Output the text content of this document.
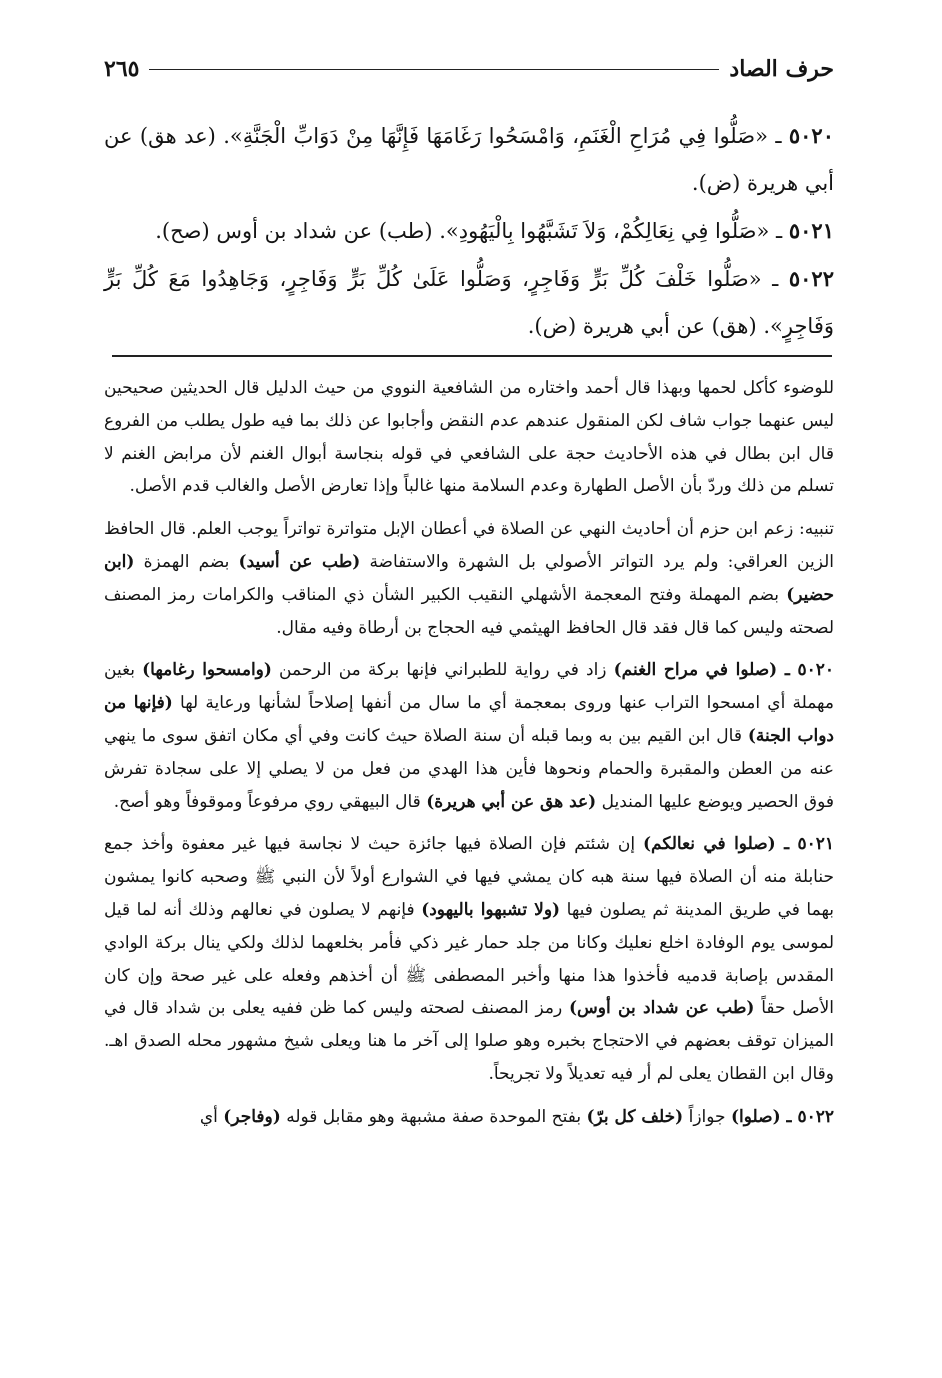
حرف الصاد
٢٦٥

٥٠٢٠ ـ «صَلُّوا فِي مُرَاحِ الْغَنَمِ، وَامْسَحُوا رَغَامَهَا فَإِنَّهَا مِنْ دَوَابِّ الْجَنَّةِ». (عد هق) عن أبي هريرة (ض).

٥٠٢١ ـ «صَلُّوا فِي نِعَالِكُمْ، وَلاَ تَشَبَّهُوا بِالْيَهُودِ». (طب) عن شداد بن أوس (صح).

٥٠٢٢ ـ «صَلُّوا خَلْفَ كُلِّ بَرٍّ وَفَاجِرٍ، وَصَلُّوا عَلَىٰ كُلِّ بَرٍّ وَفَاجِرٍ، وَجَاهِدُوا مَعَ كُلِّ بَرٍّ وَفَاجِرٍ». (هق) عن أبي هريرة (ض).

للوضوء كأكل لحمها وبهذا قال أحمد واختاره من الشافعية النووي من حيث الدليل قال الحديثين صحيحين ليس عنهما جواب شاف لكن المنقول عندهم عدم النقض وأجابوا عن ذلك بما فيه طول يطلب من الفروع قال ابن بطال في هذه الأحاديث حجة على الشافعي في قوله بنجاسة أبوال الغنم لأن مرابض الغنم لا تسلم من ذلك وردّ بأن الأصل الطهارة وعدم السلامة منها غالباً وإذا تعارض الأصل والغالب قدم الأصل.

تنبيه: زعم ابن حزم أن أحاديث النهي عن الصلاة في أعطان الإبل متواترة تواتراً يوجب العلم. قال الحافظ الزين العراقي: ولم يرد التواتر الأصولي بل الشهرة والاستفاضة (طب عن أسيد) بضم الهمزة (ابن حضير) بضم المهملة وفتح المعجمة الأشهلي النقيب الكبير الشأن ذي المناقب والكرامات رمز المصنف لصحته وليس كما قال فقد قال الحافظ الهيثمي فيه الحجاج بن أرطاة وفيه مقال.

٥٠٢٠ ـ (صلوا في مراح الغنم) زاد في رواية للطبراني فإنها بركة من الرحمن (وامسحوا رغامها) بغين مهملة أي امسحوا التراب عنها وروى بمعجمة أي ما سال من أنفها إصلاحاً لشأنها ورعاية لها (فإنها من دواب الجنة) قال ابن القيم بين به وبما قبله أن سنة الصلاة حيث كانت وفي أي مكان اتفق سوى ما ينهي عنه من العطن والمقبرة والحمام ونحوها فأين هذا الهدي من فعل من لا يصلي إلا على سجادة تفرش فوق الحصير ويوضع عليها المنديل (عد هق عن أبي هريرة) قال البيهقي روي مرفوعاً وموقوفاً وهو أصح.

٥٠٢١ ـ (صلوا في نعالكم) إن شئتم فإن الصلاة فيها جائزة حيث لا نجاسة فيها غير معفوة وأخذ جمع حنابلة منه أن الصلاة فيها سنة هبه كان يمشي فيها في الشوارع أولاً لأن النبي ﷺ وصحبه كانوا يمشون بهما في طريق المدينة ثم يصلون فيها (ولا تشبهوا باليهود) فإنهم لا يصلون في نعالهم وذلك أنه لما قيل لموسى يوم الوفادة اخلع نعليك وكانا من جلد حمار غير ذكي فأمر بخلعهما لذلك ولكي ينال بركة الوادي المقدس بإصابة قدميه فأخذوا هذا منها وأخبر المصطفى ﷺ أن أخذهم وفعله على غير صحة وإن كان الأصل حقاً (طب عن شداد بن أوس) رمز المصنف لصحته وليس كما ظن ففيه يعلى بن شداد قال في الميزان توقف بعضهم في الاحتجاج بخبره وهو صلوا إلى آخر ما هنا ويعلى شيخ مشهور محله الصدق اهـ. وقال ابن القطان يعلى لم أر فيه تعديلاً ولا تجريحاً.

٥٠٢٢ ـ (صلوا) جوازاً (خلف كل برّ) بفتح الموحدة صفة مشبهة وهو مقابل قوله (وفاجر) أي
